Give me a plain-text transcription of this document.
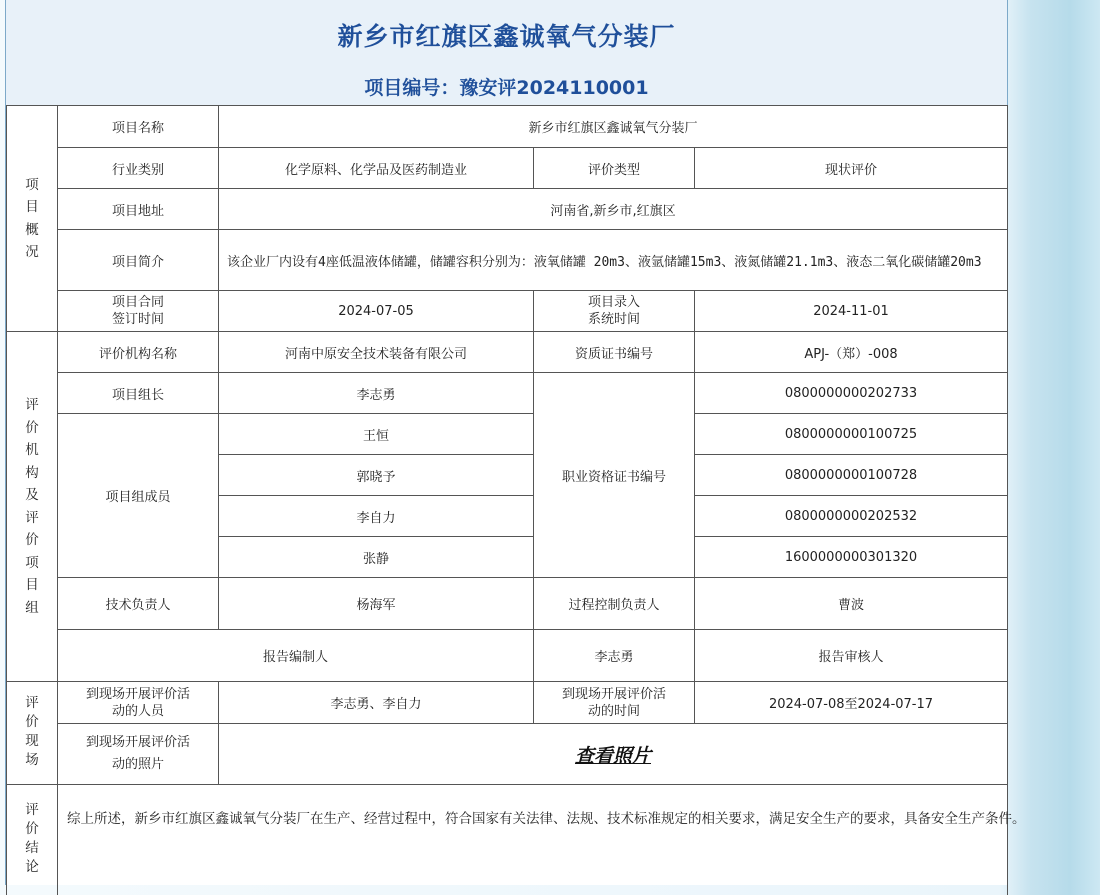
新乡市红旗区鑫诚氧气分装厂
项目编号：豫安评2024110001
项目概况	项目名称	新乡市红旗区鑫诚氧气分装厂			
	行业类别	化学原料、化学品及医药制造业	评价类型	现状评价	
	项目地址	河南省,新乡市,红旗区			
	项目简介	该企业厂内设有4座低温液体储罐，储罐容积分别为：液氧储罐 20m3、液氩储罐15m3、液氮储罐21.1m3、液态二氧化碳储罐20m3			
	项目合同签订时间	2024-07-05	项目录入系统时间	2024-11-01	
评价机构及评价项目组	评价机构名称	河南中原安全技术装备有限公司	资质证书编号	APJ-（郑）-008	
	项目组长	李志勇	职业资格证书编号	0800000000202733	
	项目组成员	王恒		0800000000100725	
		郭晓予		0800000000100728	
		李自力		0800000000202532	
		张静		1600000000301320	
	技术负责人	杨海军	过程控制负责人	曹波	
	报告编制人		李志勇	报告审核人	
评价现场	到现场开展评价活动的人员	李志勇、李自力	到现场开展评价活动的时间	2024-07-08至2024-07-17	
	到现场开展评价活动的照片	查看照片			
评价结论	综上所述，新乡市红旗区鑫诚氧气分装厂在生产、经营过程中，符合国家有关法律、法规、技术标准规定的相关要求，满足安全生产的要求，具备安全生产条件。				
